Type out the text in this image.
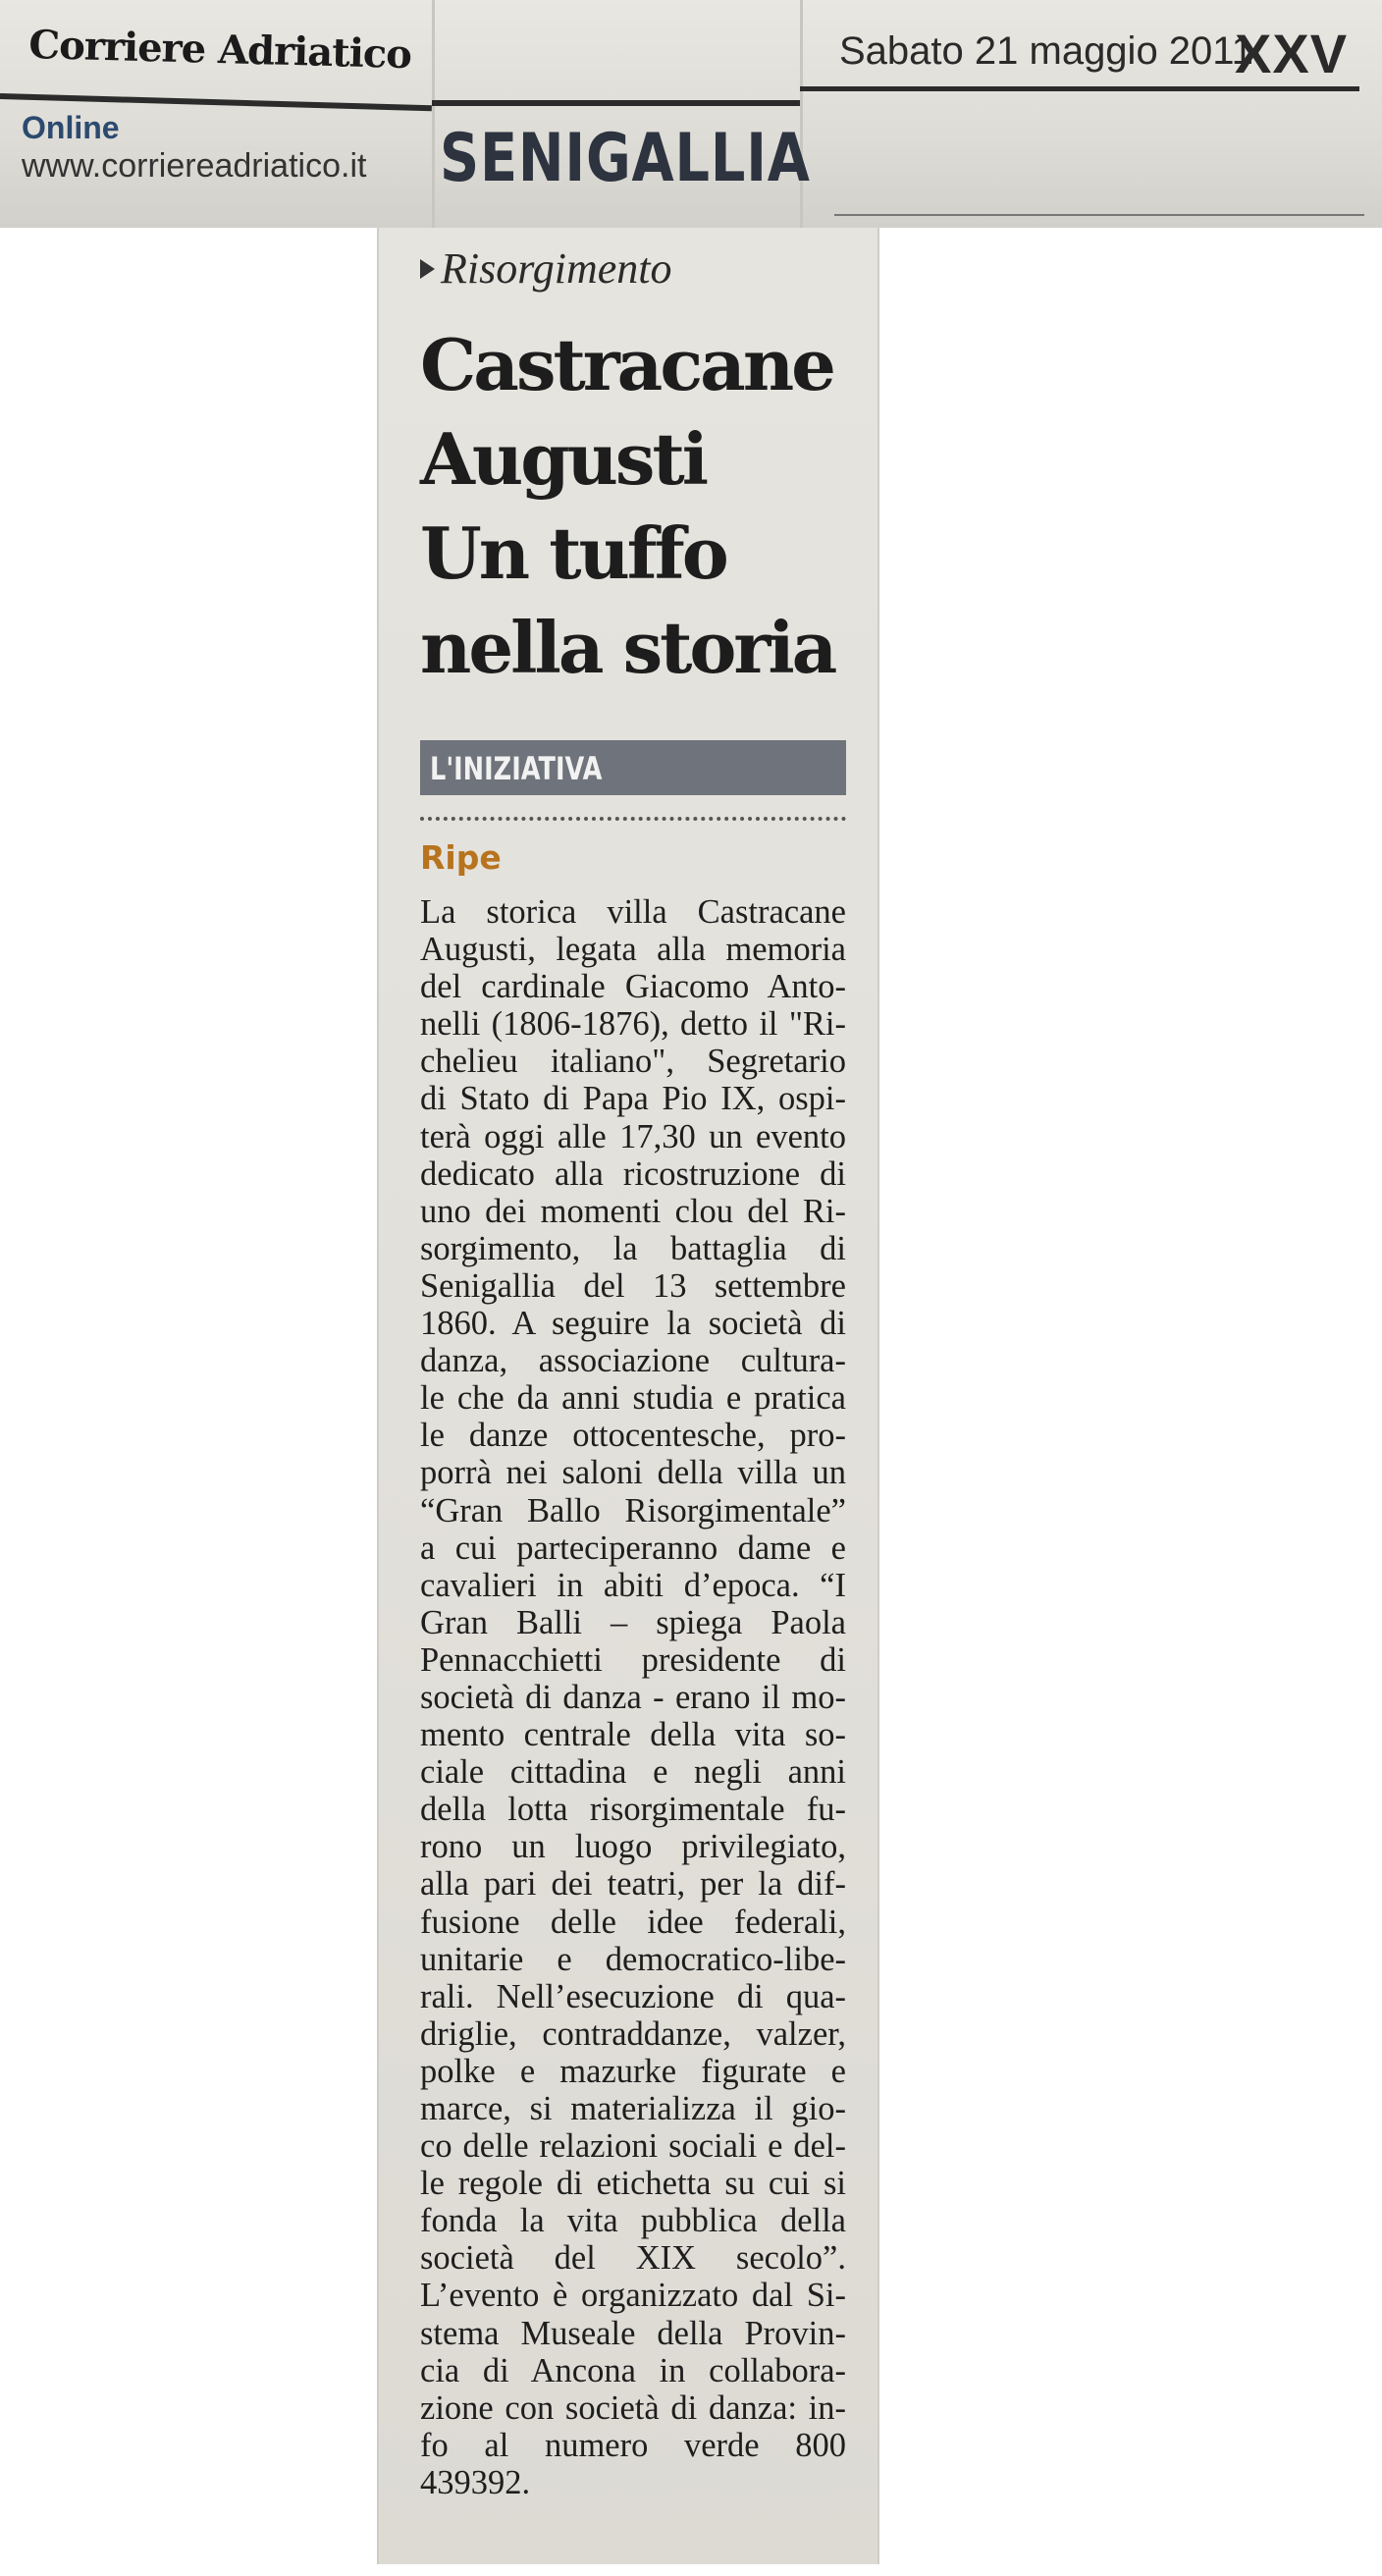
Corriere Adriatico	Sabato 21 maggio 2011
XXV
Online
www.corriereadriatico.it SENIGALLIA
Risorgimento
Castracane
Augusti
Un tuffo
nella storia
L'INIZIATIVA
Ripe

La storica villa Castracane
Augusti, legata alla memoria
del cardinale Giacomo Anto-
nelli (1806-1876), detto il "Ri-
chelieu italiano", Segretario
di Stato di Papa Pio IX, ospi-
terà oggi alle 17,30 un evento
dedicato alla ricostruzione di
uno dei momenti clou del Ri-
sorgimento, la battaglia di
Senigallia del 13 settembre
1860. A seguire la società di
danza, associazione cultura-
le che da anni studia e pratica
le danze ottocentesche, pro-
porrà nei saloni della villa un
“Gran Ballo Risorgimentale”
a cui parteciperanno dame e
cavalieri in abiti d’epoca. “I
Gran Balli – spiega Paola
Pennacchietti presidente di
società di danza - erano il mo-
mento centrale della vita so-
ciale cittadina e negli anni
della lotta risorgimentale fu-
rono un luogo privilegiato,
alla pari dei teatri, per la dif-
fusione delle idee federali,
unitarie e democratico-libe-
rali. Nell’esecuzione di qua-
driglie, contraddanze, valzer,
polke e mazurke figurate e
marce, si materializza il gio-
co delle relazioni sociali e del-
le regole di etichetta su cui si
fonda la vita pubblica della
società del XIX secolo”.
L’evento è organizzato dal Si-
stema Museale della Provin-
cia di Ancona in collabora-
zione con società di danza: in-
fo al numero verde 800
439392.
